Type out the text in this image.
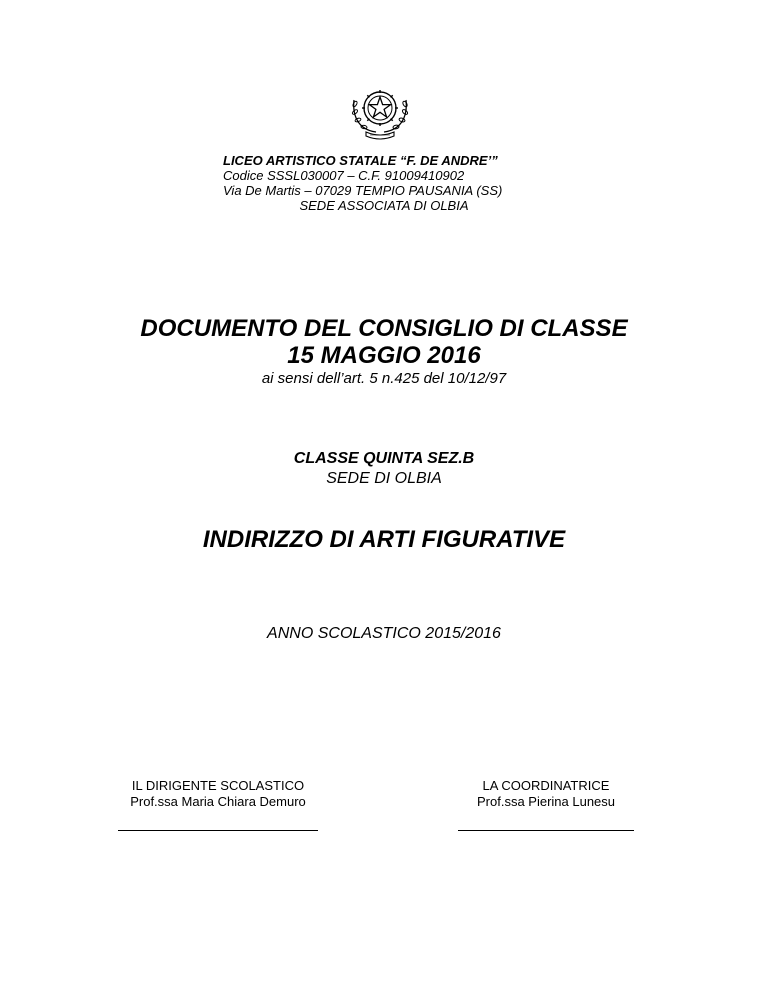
LICEO ARTISTICO STATALE “F. DE ANDRE’”
Codice SSSL030007 – C.F. 91009410902
Via De Martis – 07029 TEMPIO PAUSANIA (SS)
SEDE ASSOCIATA DI OLBIA
DOCUMENTO DEL CONSIGLIO DI CLASSE
15 MAGGIO 2016
ai sensi dell’art. 5 n.425 del 10/12/97
CLASSE QUINTA SEZ.B
SEDE DI OLBIA
INDIRIZZO DI ARTI FIGURATIVE
ANNO SCOLASTICO 2015/2016
IL DIRIGENTE SCOLASTICO
Prof.ssa Maria Chiara Demuro
LA COORDINATRICE
Prof.ssa Pierina Lunesu
